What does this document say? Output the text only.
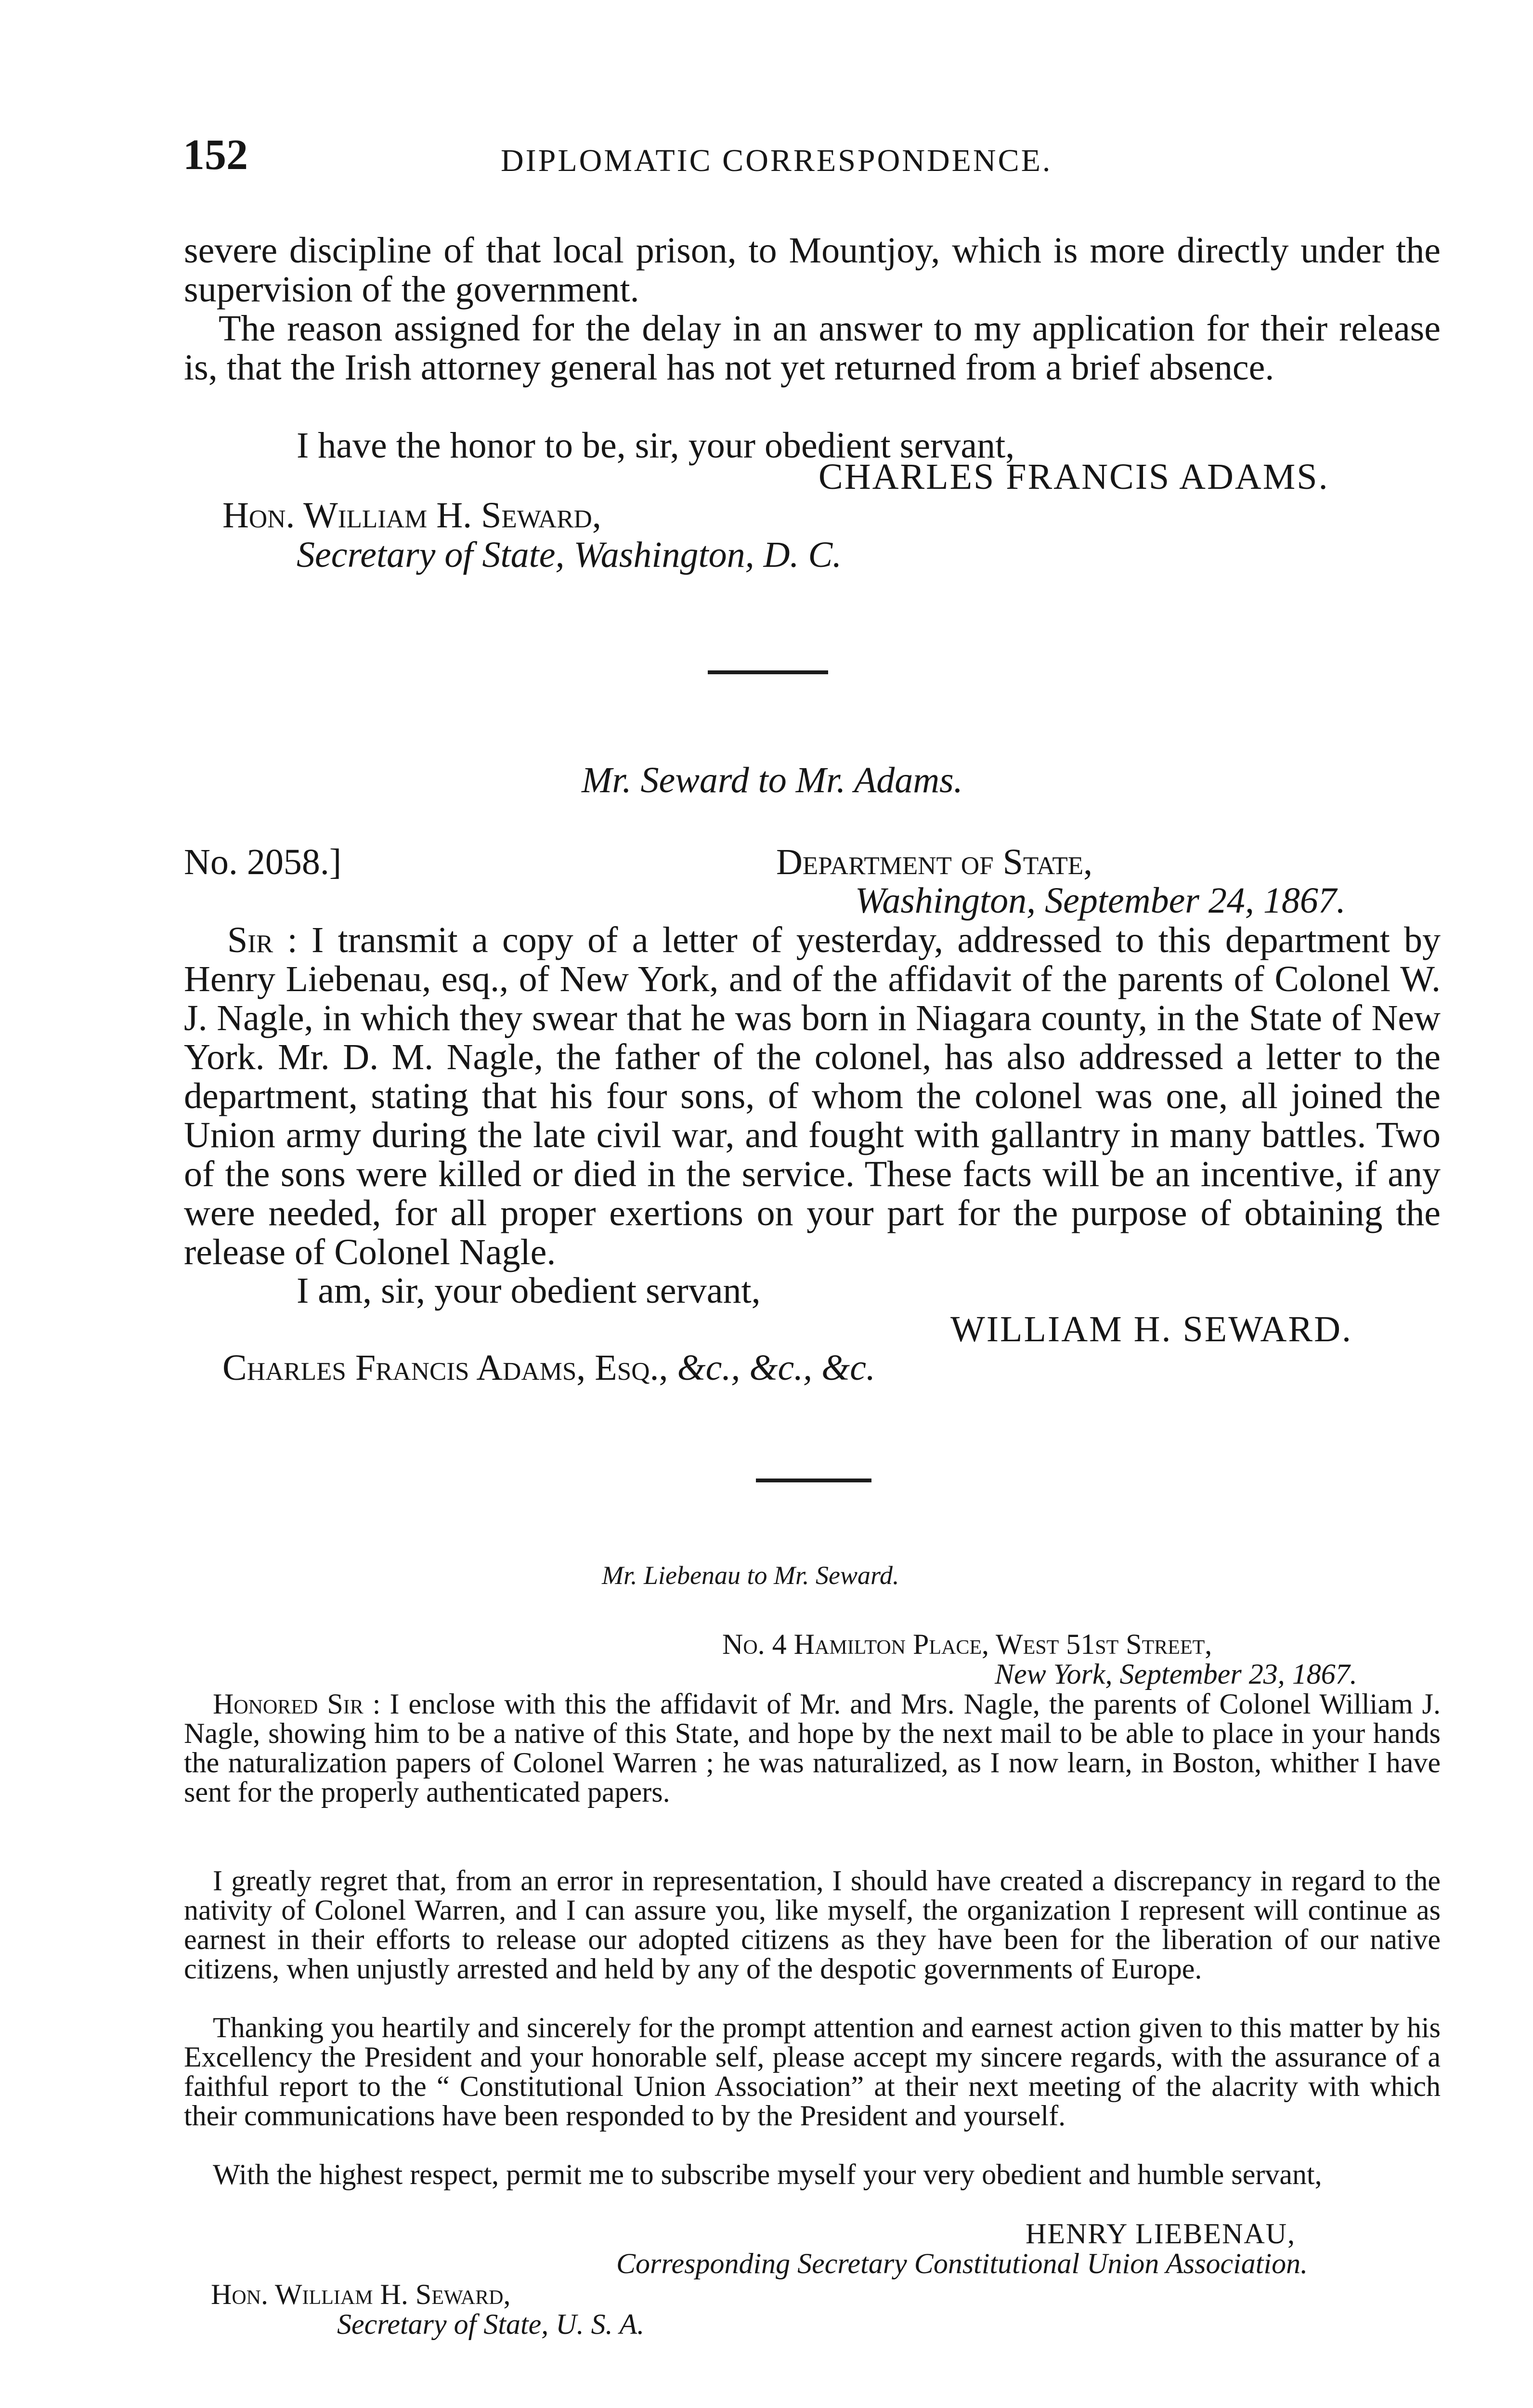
152	DIPLOMATIC CORRESPONDENCE.
severe discipline of that local prison, to Mountjoy, which is more directly under the supervision of the government.
The reason assigned for the delay in an answer to my application for their release is, that the Irish attorney general has not yet returned from a brief absence.
I have the honor to be, sir, your obedient servant,
CHARLES FRANCIS ADAMS.
Hon. William H. Seward,
Secretary of State, Washington, D. C.
Mr. Seward to Mr. Adams.
No. 2058.]	Department of State,
Washington, September 24, 1867.
Sir : I transmit a copy of a letter of yesterday, addressed to this department by Henry Liebenau, esq., of New York, and of the affidavit of the parents of Colonel W. J. Nagle, in which they swear that he was born in Niagara county, in the State of New York. Mr. D. M. Nagle, the father of the colonel, has also addressed a letter to the department, stating that his four sons, of whom the colonel was one, all joined the Union army during the late civil war, and fought with gallantry in many battles. Two of the sons were killed or died in the service. These facts will be an incentive, if any were needed, for all proper exertions on your part for the purpose of obtaining the release of Colonel Nagle.
I am, sir, your obedient servant,
WILLIAM H. SEWARD.
Charles Francis Adams, Esq., &c., &c., &c.
Mr. Liebenau to Mr. Seward.
No. 4 Hamilton Place, West 51st Street,
New York, September 23, 1867.
Honored Sir : I enclose with this the affidavit of Mr. and Mrs. Nagle, the parents of Colonel William J. Nagle, showing him to be a native of this State, and hope by the next mail to be able to place in your hands the naturalization papers of Colonel Warren ; he was naturalized, as I now learn, in Boston, whither I have sent for the properly authenticated papers.
I greatly regret that, from an error in representation, I should have created a discrepancy in regard to the nativity of Colonel Warren, and I can assure you, like myself, the organization I represent will continue as earnest in their efforts to release our adopted citizens as they have been for the liberation of our native citizens, when unjustly arrested and held by any of the despotic governments of Europe.
Thanking you heartily and sincerely for the prompt attention and earnest action given to this matter by his Excellency the President and your honorable self, please accept my sincere regards, with the assurance of a faithful report to the “ Constitutional Union Association” at their next meeting of the alacrity with which their communications have been responded to by the President and yourself.
With the highest respect, permit me to subscribe myself your very obedient and humble servant,
HENRY LIEBENAU,
Corresponding Secretary Constitutional Union Association.
Hon. William H. Seward,
Secretary of State, U. S. A.
